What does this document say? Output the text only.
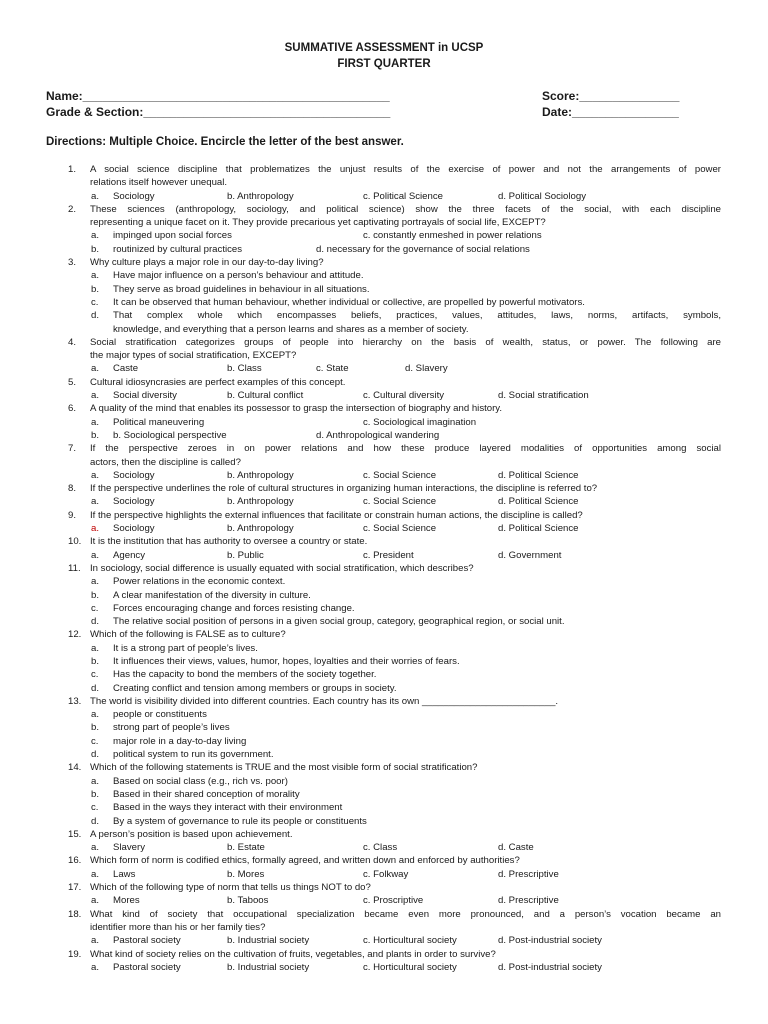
SUMMATIVE ASSESSMENT in UCSP
FIRST QUARTER
Name:______________________________________________
Grade & Section:_____________________________________
Score:_______________
Date:________________
Directions: Multiple Choice. Encircle the letter of the best answer.
1. A social science discipline that problematizes the unjust results of the exercise of power and not the arrangements of power
relations itself however unequal.
a. Sociology	b. Anthropology	c. Political Science	d. Political Sociology
2. These sciences (anthropology, sociology, and political science) show the three facets of the social, with each discipline
representing a unique facet on it. They provide precarious yet captivating portrayals of social life, EXCEPT?
a. impinged upon social forces	c. constantly enmeshed in power relations
b. routinized by cultural practices	d. necessary for the governance of social relations
3. Why culture plays a major role in our day-to-day living?
a. Have major influence on a person’s behaviour and attitude.
b. They serve as broad guidelines in behaviour in all situations.
c. It can be observed that human behaviour, whether individual or collective, are propelled by powerful motivators.
d. That complex whole which encompasses beliefs, practices, values, attitudes, laws, norms, artifacts, symbols,
knowledge, and everything that a person learns and shares as a member of society.
4. Social stratification categorizes groups of people into hierarchy on the basis of wealth, status, or power. The following are
the major types of social stratification, EXCEPT?
a. Caste	b. Class	c. State	d. Slavery
5. Cultural idiosyncrasies are perfect examples of this concept.
a. Social diversity	b. Cultural conflict	c. Cultural diversity	d. Social stratification
6. A quality of the mind that enables its possessor to grasp the intersection of biography and history.
a. Political maneuvering	c. Sociological imagination
b. b. Sociological perspective	d. Anthropological wandering
7. If the perspective zeroes in on power relations and how these produce layered modalities of opportunities among social
actors, then the discipline is called?
a. Sociology	b. Anthropology	c. Social Science	d. Political Science
8. If the perspective underlines the role of cultural structures in organizing human interactions, the discipline is referred to?
a. Sociology	b. Anthropology	c. Social Science	d. Political Science
9. If the perspective highlights the external influences that facilitate or constrain human actions, the discipline is called?
a. Sociology	b. Anthropology	c. Social Science	d. Political Science
10. It is the institution that has authority to oversee a country or state.
a. Agency	b. Public	c. President	d. Government
11. In sociology, social difference is usually equated with social stratification, which describes?
a. Power relations in the economic context.
b. A clear manifestation of the diversity in culture.
c. Forces encouraging change and forces resisting change.
d. The relative social position of persons in a given social group, category, geographical region, or social unit.
12. Which of the following is FALSE as to culture?
a. It is a strong part of people’s lives.
b. It influences their views, values, humor, hopes, loyalties and their worries of fears.
c. Has the capacity to bond the members of the society together.
d. Creating conflict and tension among members or groups in society.
13. The world is visibility divided into different countries. Each country has its own _________________________.
a. people or constituents
b. strong part of people’s lives
c. major role in a day-to-day living
d. political system to run its government.
14. Which of the following statements is TRUE and the most visible form of social stratification?
a. Based on social class (e.g., rich vs. poor)
b. Based in their shared conception of morality
c. Based in the ways they interact with their environment
d. By a system of governance to rule its people or constituents
15. A person’s position is based upon achievement.
a. Slavery	b. Estate	c. Class	d. Caste
16. Which form of norm is codified ethics, formally agreed, and written down and enforced by authorities?
a. Laws	b. Mores	c. Folkway	d. Prescriptive
17. Which of the following type of norm that tells us things NOT to do?
a. Mores	b. Taboos	c. Proscriptive	d. Prescriptive
18. What kind of society that occupational specialization became even more pronounced, and a person’s vocation became an
identifier more than his or her family ties?
a. Pastoral society	b. Industrial society	c. Horticultural society	d. Post-industrial society
19. What kind of society relies on the cultivation of fruits, vegetables, and plants in order to survive?
a. Pastoral society	b. Industrial society	c. Horticultural society	d. Post-industrial society
